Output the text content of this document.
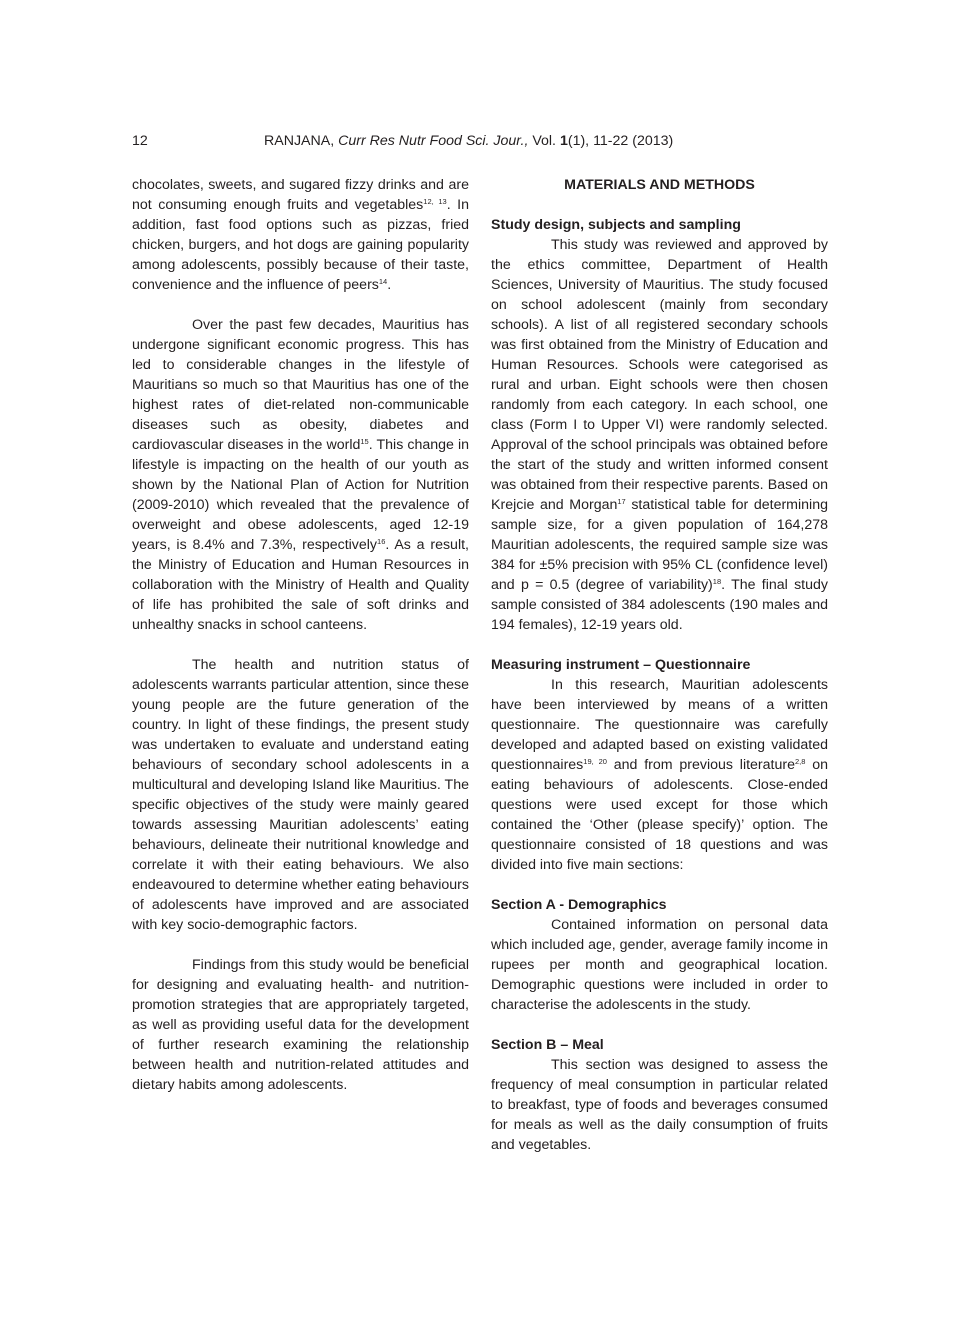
12	RANJANA, Curr Res Nutr Food Sci. Jour., Vol. 1(1), 11-22 (2013)

chocolates, sweets, and sugared fizzy drinks and are not consuming enough fruits and vegetables$^{12, 13}$. In addition, fast food options such as pizzas, fried chicken, burgers, and hot dogs are gaining popularity among adolescents, possibly because of their taste, convenience and the influence of peers$^{14}$.

Over the past few decades, Mauritius has undergone significant economic progress. This has led to considerable changes in the lifestyle of Mauritians so much so that Mauritius has one of the highest rates of diet-related non-communicable diseases such as obesity, diabetes and cardiovascular diseases in the world$^{15}$. This change in lifestyle is impacting on the health of our youth as shown by the National Plan of Action for Nutrition (2009-2010) which revealed that the prevalence of overweight and obese adolescents, aged 12-19 years, is 8.4% and 7.3%, respectively$^{16}$. As a result, the Ministry of Education and Human Resources in collaboration with the Ministry of Health and Quality of life has prohibited the sale of soft drinks and unhealthy snacks in school canteens.

The health and nutrition status of adolescents warrants particular attention, since these young people are the future generation of the country. In light of these findings, the present study was undertaken to evaluate and understand eating behaviours of secondary school adolescents in a multicultural and developing Island like Mauritius. The specific objectives of the study were mainly geared towards assessing Mauritian adolescents’ eating behaviours, delineate their nutritional knowledge and correlate it with their eating behaviours. We also endeavoured to determine whether eating behaviours of adolescents have improved and are associated with key socio-demographic factors.

Findings from this study would be beneficial for designing and evaluating health- and nutrition-promotion strategies that are appropriately targeted, as well as providing useful data for the development of further research examining the relationship between health and nutrition-related attitudes and dietary habits among adolescents.

MATERIALS AND METHODS

Study design, subjects and sampling

This study was reviewed and approved by the ethics committee, Department of Health Sciences, University of Mauritius. The study focused on school adolescent (mainly from secondary schools). A list of all registered secondary schools was first obtained from the Ministry of Education and Human Resources. Schools were categorised as rural and urban. Eight schools were then chosen randomly from each category. In each school, one class (Form I to Upper VI) were randomly selected. Approval of the school principals was obtained before the start of the study and written informed consent was obtained from their respective parents. Based on Krejcie and Morgan$^{17}$ statistical table for determining sample size, for a given population of 164,278 Mauritian adolescents, the required sample size was 384 for ±5% precision with 95% CL (confidence level) and p = 0.5 (degree of variability)$^{18}$. The final study sample consisted of 384 adolescents (190 males and 194 females), 12-19 years old.

Measuring instrument – Questionnaire

In this research, Mauritian adolescents have been interviewed by means of a written questionnaire. The questionnaire was carefully developed and adapted based on existing validated questionnaires$^{19, 20}$ and from previous literature$^{2,8}$ on eating behaviours of adolescents. Close-ended questions were used except for those which contained the ‘Other (please specify)’ option. The questionnaire consisted of 18 questions and was divided into five main sections:

Section A - Demographics

Contained information on personal data which included age, gender, average family income in rupees per month and geographical location. Demographic questions were included in order to characterise the adolescents in the study.

Section B – Meal

This section was designed to assess the frequency of meal consumption in particular related to breakfast, type of foods and beverages consumed for meals as well as the daily consumption of fruits and vegetables.
